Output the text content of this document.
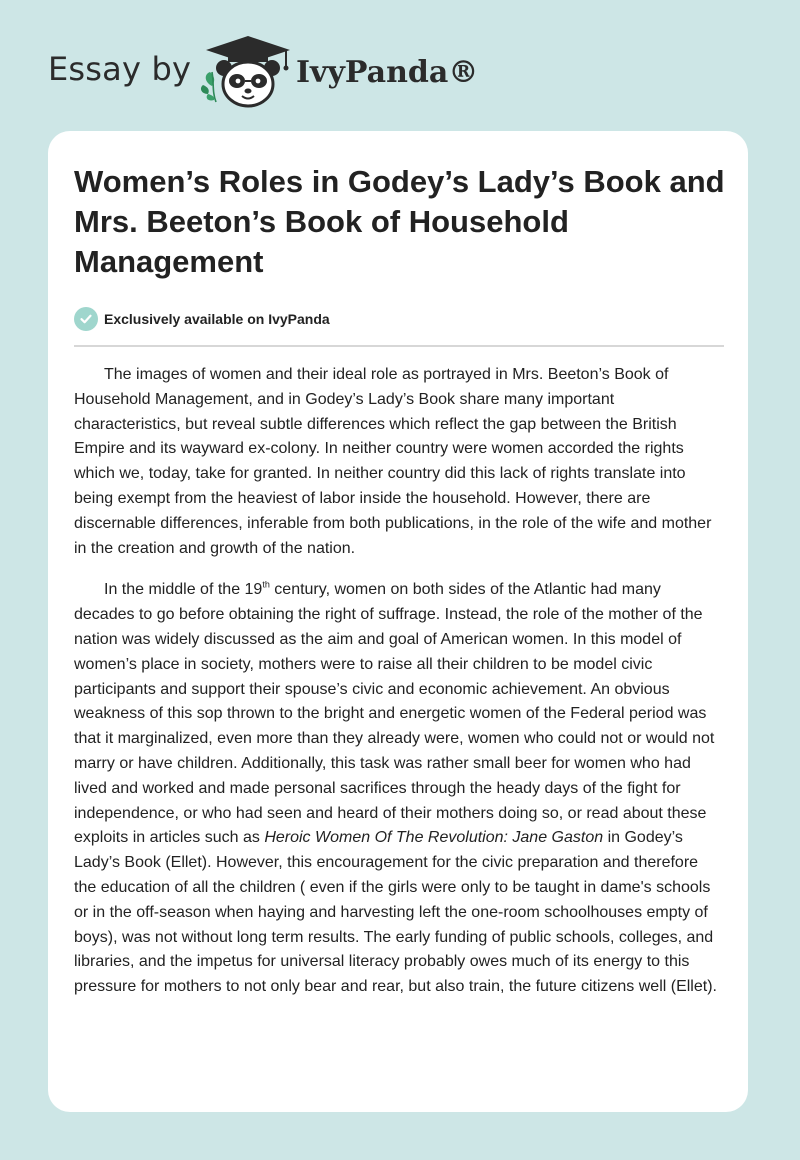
Essay by	IvyPanda®
Women’s Roles in Godey’s Lady’s Book and Mrs. Beeton’s Book of Household Management
Exclusively available on IvyPanda

The images of women and their ideal role as portrayed in Mrs. Beeton’s Book of Household Management, and in Godey’s Lady’s Book share many important characteristics, but reveal subtle differences which reflect the gap between the British Empire and its wayward ex-colony. In neither country were women accorded the rights which we, today, take for granted. In neither country did this lack of rights translate into being exempt from the heaviest of labor inside the household. However, there are discernable differences, inferable from both publications, in the role of the wife and mother in the creation and growth of the nation.

In the middle of the 19th century, women on both sides of the Atlantic had many decades to go before obtaining the right of suffrage. Instead, the role of the mother of the nation was widely discussed as the aim and goal of American women. In this model of women’s place in society, mothers were to raise all their children to be model civic participants and support their spouse’s civic and economic achievement. An obvious weakness of this sop thrown to the bright and energetic women of the Federal period was that it marginalized, even more than they already were, women who could not or would not marry or have children. Additionally, this task was rather small beer for women who had lived and worked and made personal sacrifices through the heady days of the fight for independence, or who had seen and heard of their mothers doing so, or read about these exploits in articles such as Heroic Women Of The Revolution: Jane Gaston in Godey’s Lady’s Book (Ellet). However, this encouragement for the civic preparation and therefore the education of all the children ( even if the girls were only to be taught in dame's schools or in the off-season when haying and harvesting left the one-room schoolhouses empty of boys), was not without long term results. The early funding of public schools, colleges, and libraries, and the impetus for universal literacy probably owes much of its energy to this pressure for mothers to not only bear and rear, but also train, the future citizens well (Ellet).
